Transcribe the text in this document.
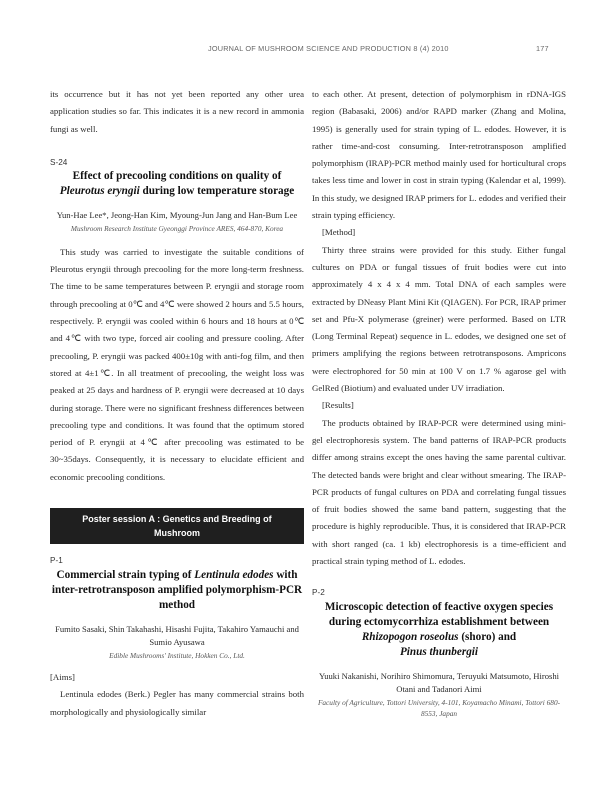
JOURNAL OF MUSHROOM SCIENCE AND PRODUCTION 8 (4) 2010	177

its occurrence but it has not yet been reported any other urea application studies so far. This indicates it is a new record in ammonia fungi as well.

S-24

Effect of precooling conditions on quality of
Pleurotus eryngii during low temperature storage

Yun-Hae Lee*, Jeong-Han Kim, Myoung-Jun Jang and Han-Bum Lee

Mushroom Research Institute Gyeonggi Province ARES, 464-870, Korea

This study was carried to investigate the suitable conditions of Pleurotus eryngii through precooling for the more long-term freshness. The time to be same temperatures between P. eryngii and storage room through precooling at 0℃ and 4℃ were showed 2 hours and 5.5 hours, respectively. P. eryngii was cooled within 6 hours and 18 hours at 0℃ and 4℃ with two type, forced air cooling and pressure cooling. After precooling, P. eryngii was packed 400±10g with anti-fog film, and then stored at 4±1℃. In all treatment of precooling, the weight loss was peaked at 25 days and hardness of P. eryngii were decreased at 10 days during storage. There were no significant freshness differences between precooling type and conditions. It was found that the optimum stored period of P. eryngii at 4℃ after precooling was estimated to be 30~35days. Consequently, it is necessary to elucidate efficient and economic precooling conditions.

Poster session A : Genetics and Breeding of Mushroom

P-1

Commercial strain typing of Lentinula edodes with inter-retrotransposon amplified polymorphism-PCR method

Fumito Sasaki, Shin Takahashi, Hisashi Fujita, Takahiro Yamauchi and Sumio Ayusawa

Edible Mushrooms' Institute, Hokken Co., Ltd.

[Aims]

Lentinula edodes (Berk.) Pegler has many commercial strains both morphologically and physiologically similar

to each other. At present, detection of polymorphism in rDNA-IGS region (Babasaki, 2006) and/or RAPD marker (Zhang and Molina, 1995) is generally used for strain typing of L. edodes. However, it is rather time-and-cost consuming. Inter-retrotransposon amplified polymorphism (IRAP)-PCR method mainly used for horticultural crops takes less time and lower in cost in strain typing (Kalendar et al, 1999). In this study, we designed IRAP primers for L. edodes and verified their strain typing efficiency.

[Method]

Thirty three strains were provided for this study. Either fungal cultures on PDA or fungal tissues of fruit bodies were cut into approximately 4 x 4 x 4 mm. Total DNA of each samples were extracted by DNeasy Plant Mini Kit (QIAGEN). For PCR, IRAP primer set and Pfu-X polymerase (greiner) were performed. Based on LTR (Long Terminal Repeat) sequence in L. edodes, we designed one set of primers amplifying the regions between retrotransposons. Ampricons were electrophored for 50 min at 100 V on 1.7 % agarose gel with GelRed (Biotium) and evaluated under UV irradiation.

[Results]

The products obtained by IRAP-PCR were determined using mini-gel electrophoresis system. The band patterns of IRAP-PCR products differ among strains except the ones having the same parental cultivar. The detected bands were bright and clear without smearing. The IRAP-PCR products of fungal cultures on PDA and correlating fungal tissues of fruit bodies showed the same band pattern, suggesting that the procedure is highly reproducible. Thus, it is considered that IRAP-PCR with short ranged (ca. 1 kb) electrophoresis is a time-efficient and practical strain typing method of L. edodes.

P-2

Microscopic detection of feactive oxygen species during ectomycorrhiza establishment between Rhizopogon roseolus (shoro) and
Pinus thunbergii

Yuuki Nakanishi, Norihiro Shimomura, Teruyuki Matsumoto, Hiroshi Otani and Tadanori Aimi

Faculty of Agriculture, Tottori University, 4-101, Koyamacho Minami, Tottori 680-8553, Japan
